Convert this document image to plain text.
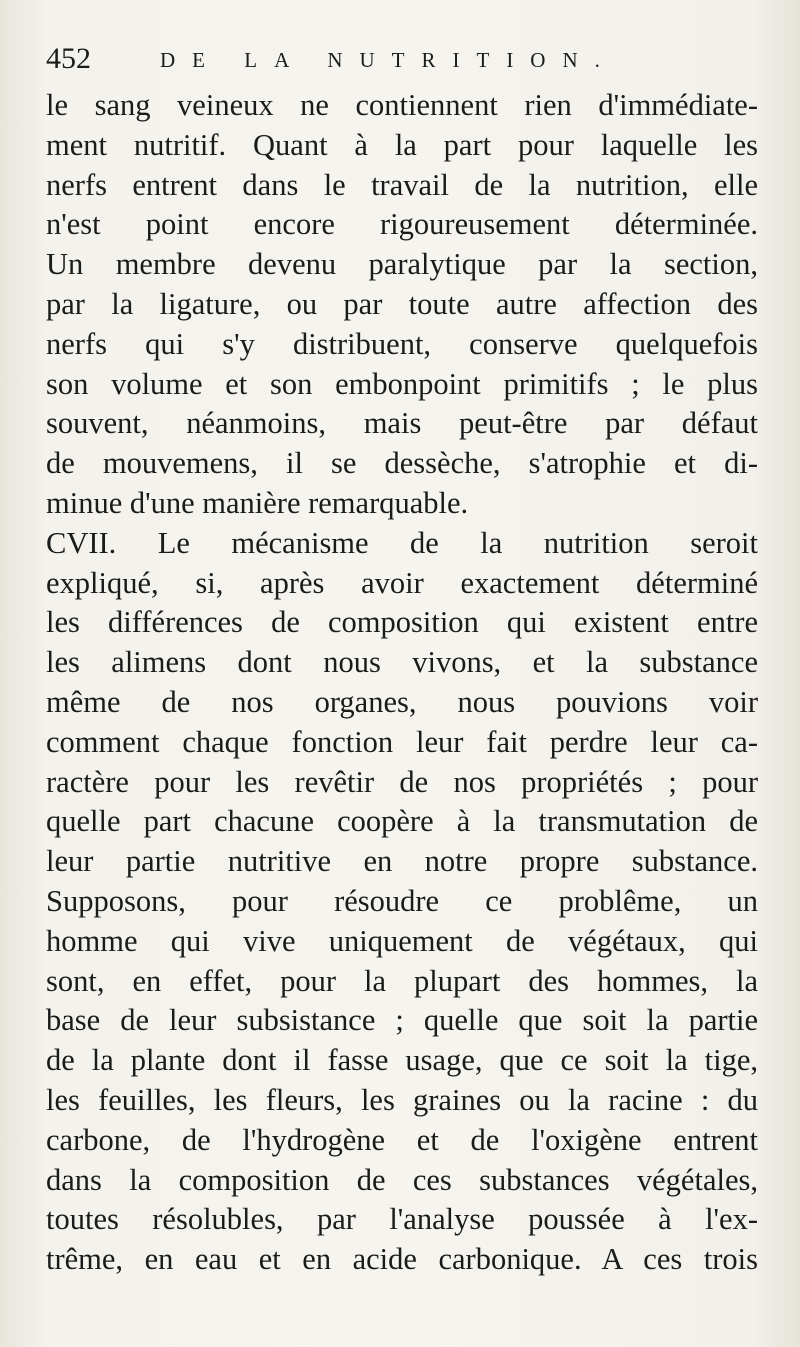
452	DE LA NUTRITION.
le sang veineux ne contiennent rien d'immédiate-
ment nutritif. Quant à la part pour laquelle les
nerfs entrent dans le travail de la nutrition, elle
n'est point encore rigoureusement déterminée.
Un membre devenu paralytique par la section,
par la ligature, ou par toute autre affection des
nerfs qui s'y distribuent, conserve quelquefois
son volume et son embonpoint primitifs ; le plus
souvent, néanmoins, mais peut-être par défaut
de mouvemens, il se dessèche, s'atrophie et di-
minue d'une manière remarquable.
CVII. Le mécanisme de la nutrition seroit
expliqué, si, après avoir exactement déterminé
les différences de composition qui existent entre
les alimens dont nous vivons, et la substance
même de nos organes, nous pouvions voir
comment chaque fonction leur fait perdre leur ca-
ractère pour les revêtir de nos propriétés ; pour
quelle part chacune coopère à la transmutation de
leur partie nutritive en notre propre substance.
Supposons, pour résoudre ce problême, un
homme qui vive uniquement de végétaux, qui
sont, en effet, pour la plupart des hommes, la
base de leur subsistance ; quelle que soit la partie
de la plante dont il fasse usage, que ce soit la tige,
les feuilles, les fleurs, les graines ou la racine : du
carbone, de l'hydrogène et de l'oxigène entrent
dans la composition de ces substances végétales,
toutes résolubles, par l'analyse poussée à l'ex-
trême, en eau et en acide carbonique. A ces trois
